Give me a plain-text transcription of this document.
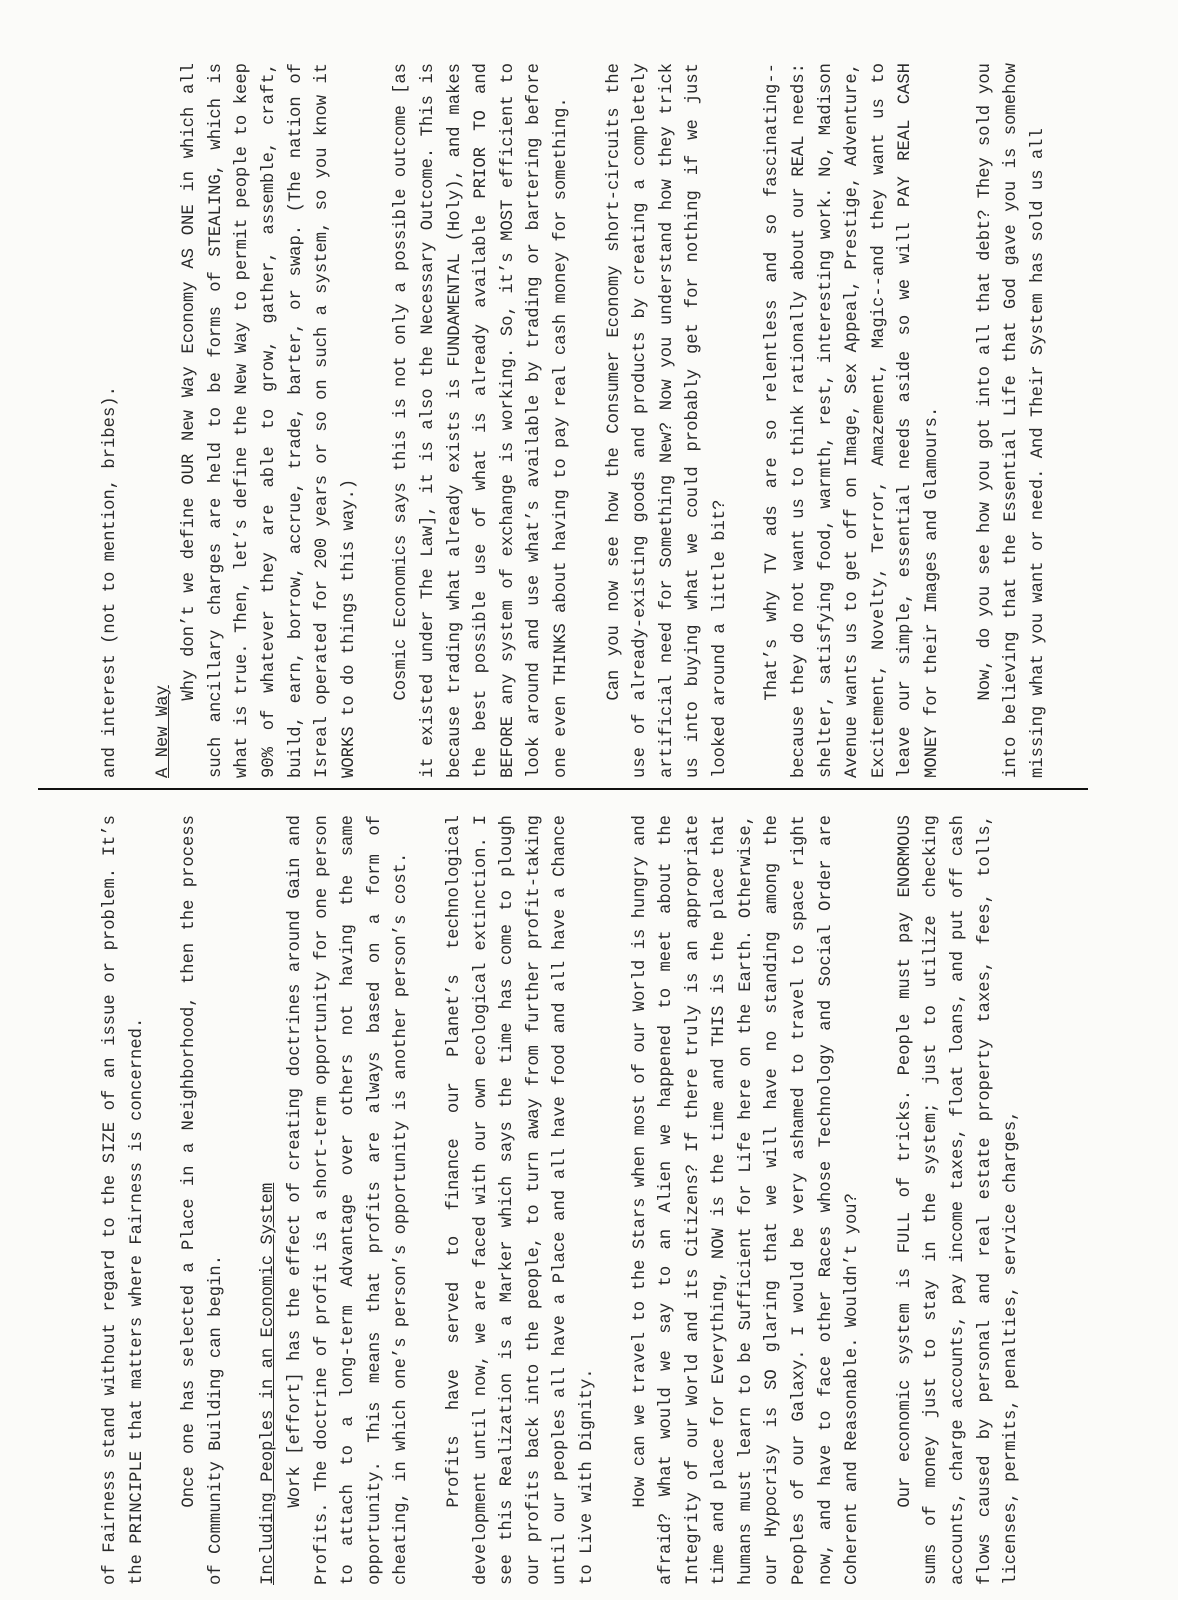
and interest (not to mention, bribes). A New Way

Why don’t we define OUR New Way Economy AS ONE in which all such ancillary charges are held to be forms of STEALING, which is what is true. Then, let’s define the New Way to permit people to keep 90% of whatever they are able to grow, gather, assemble, craft, build, earn, borrow, accrue, trade, barter, or swap. (The nation of Isreal operated for 200 years or so on such a system, so you know it WORKS to do things this way.) Cosmic Economics says this is not only a possible outcome [as it existed under The Law], it is also the Necessary Outcome. This is because trading what already exists is FUNDAMENTAL (Holy), and makes the best possible use of what is already available PRIOR TO and BEFORE any system of exchange is working. So, it’s MOST efficient to look around and use what’s available by trading or bartering before one even THINKS about having to pay real cash money for something. Can you now see how the Consumer Economy short-circuits the use of already-existing goods and products by creating a completely artificial need for Something New? Now you understand how they trick us into buying what we could probably get for nothing if we just looked around a little bit? That’s why TV ads are so relentless and so fascinating--because they do not want us to think rationally about our REAL needs: shelter, satisfying food, warmth, rest, interesting work. No, Madison Avenue wants us to get off on Image, Sex Appeal, Prestige, Adventure, Excitement, Novelty, Terror, Amazement, Magic--and they want us to leave our simple, essential needs aside so we will PAY REAL CASH MONEY for their Images and Glamours. Now, do you see how you got into all that debt? They sold you into believing that the Essential Life that God gave you is somehow missing what you want or need. And Their System has sold us all

of Fairness stand without regard to the SIZE of an issue or problem. It’s the PRINCIPLE that matters where Fairness is concerned. Once one has selected a Place in a Neighborhood, then the process of Community Building can begin. Including Peoples in an Economic System Work [effort] has the effect of creating doctrines around Gain and Profits. The doctrine of profit is a short-term opportunity for one person to attach to a long-term Advantage over others not having the same opportunity. This means that profits are always based on a form of cheating, in which one’s person’s opportunity is another person’s cost. Profits have served to finance our Planet’s technological development until now, we are faced with our own ecological extinction. I see this Realization is a Marker which says the time has come to plough our profits back into the people, to turn away from further profit-taking until our peoples all have a Place and all have food and all have a Chance to Live with Dignity. How can we travel to the Stars when most of our World is hungry and afraid? What would we say to an Alien we happened to meet about the Integrity of our World and its Citizens? If there truly is an appropriate time and place for Everything, NOW is the time and THIS is the place that humans must learn to be Sufficient for Life here on the Earth. Otherwise, our Hypocrisy is SO glaring that we will have no standing among the Peoples of our Galaxy. I would be very ashamed to travel to space right now, and have to face other Races whose Technology and Social Order are Coherent and Reasonable. Wouldn’t you? Our economic system is FULL of tricks. People must pay ENORMOUS sums of money just to stay in the system; just to utilize checking accounts, charge accounts, pay income taxes, float loans, and put off cash flows caused by personal and real estate property taxes, fees, tolls, licenses, permits, penalties, service charges,
